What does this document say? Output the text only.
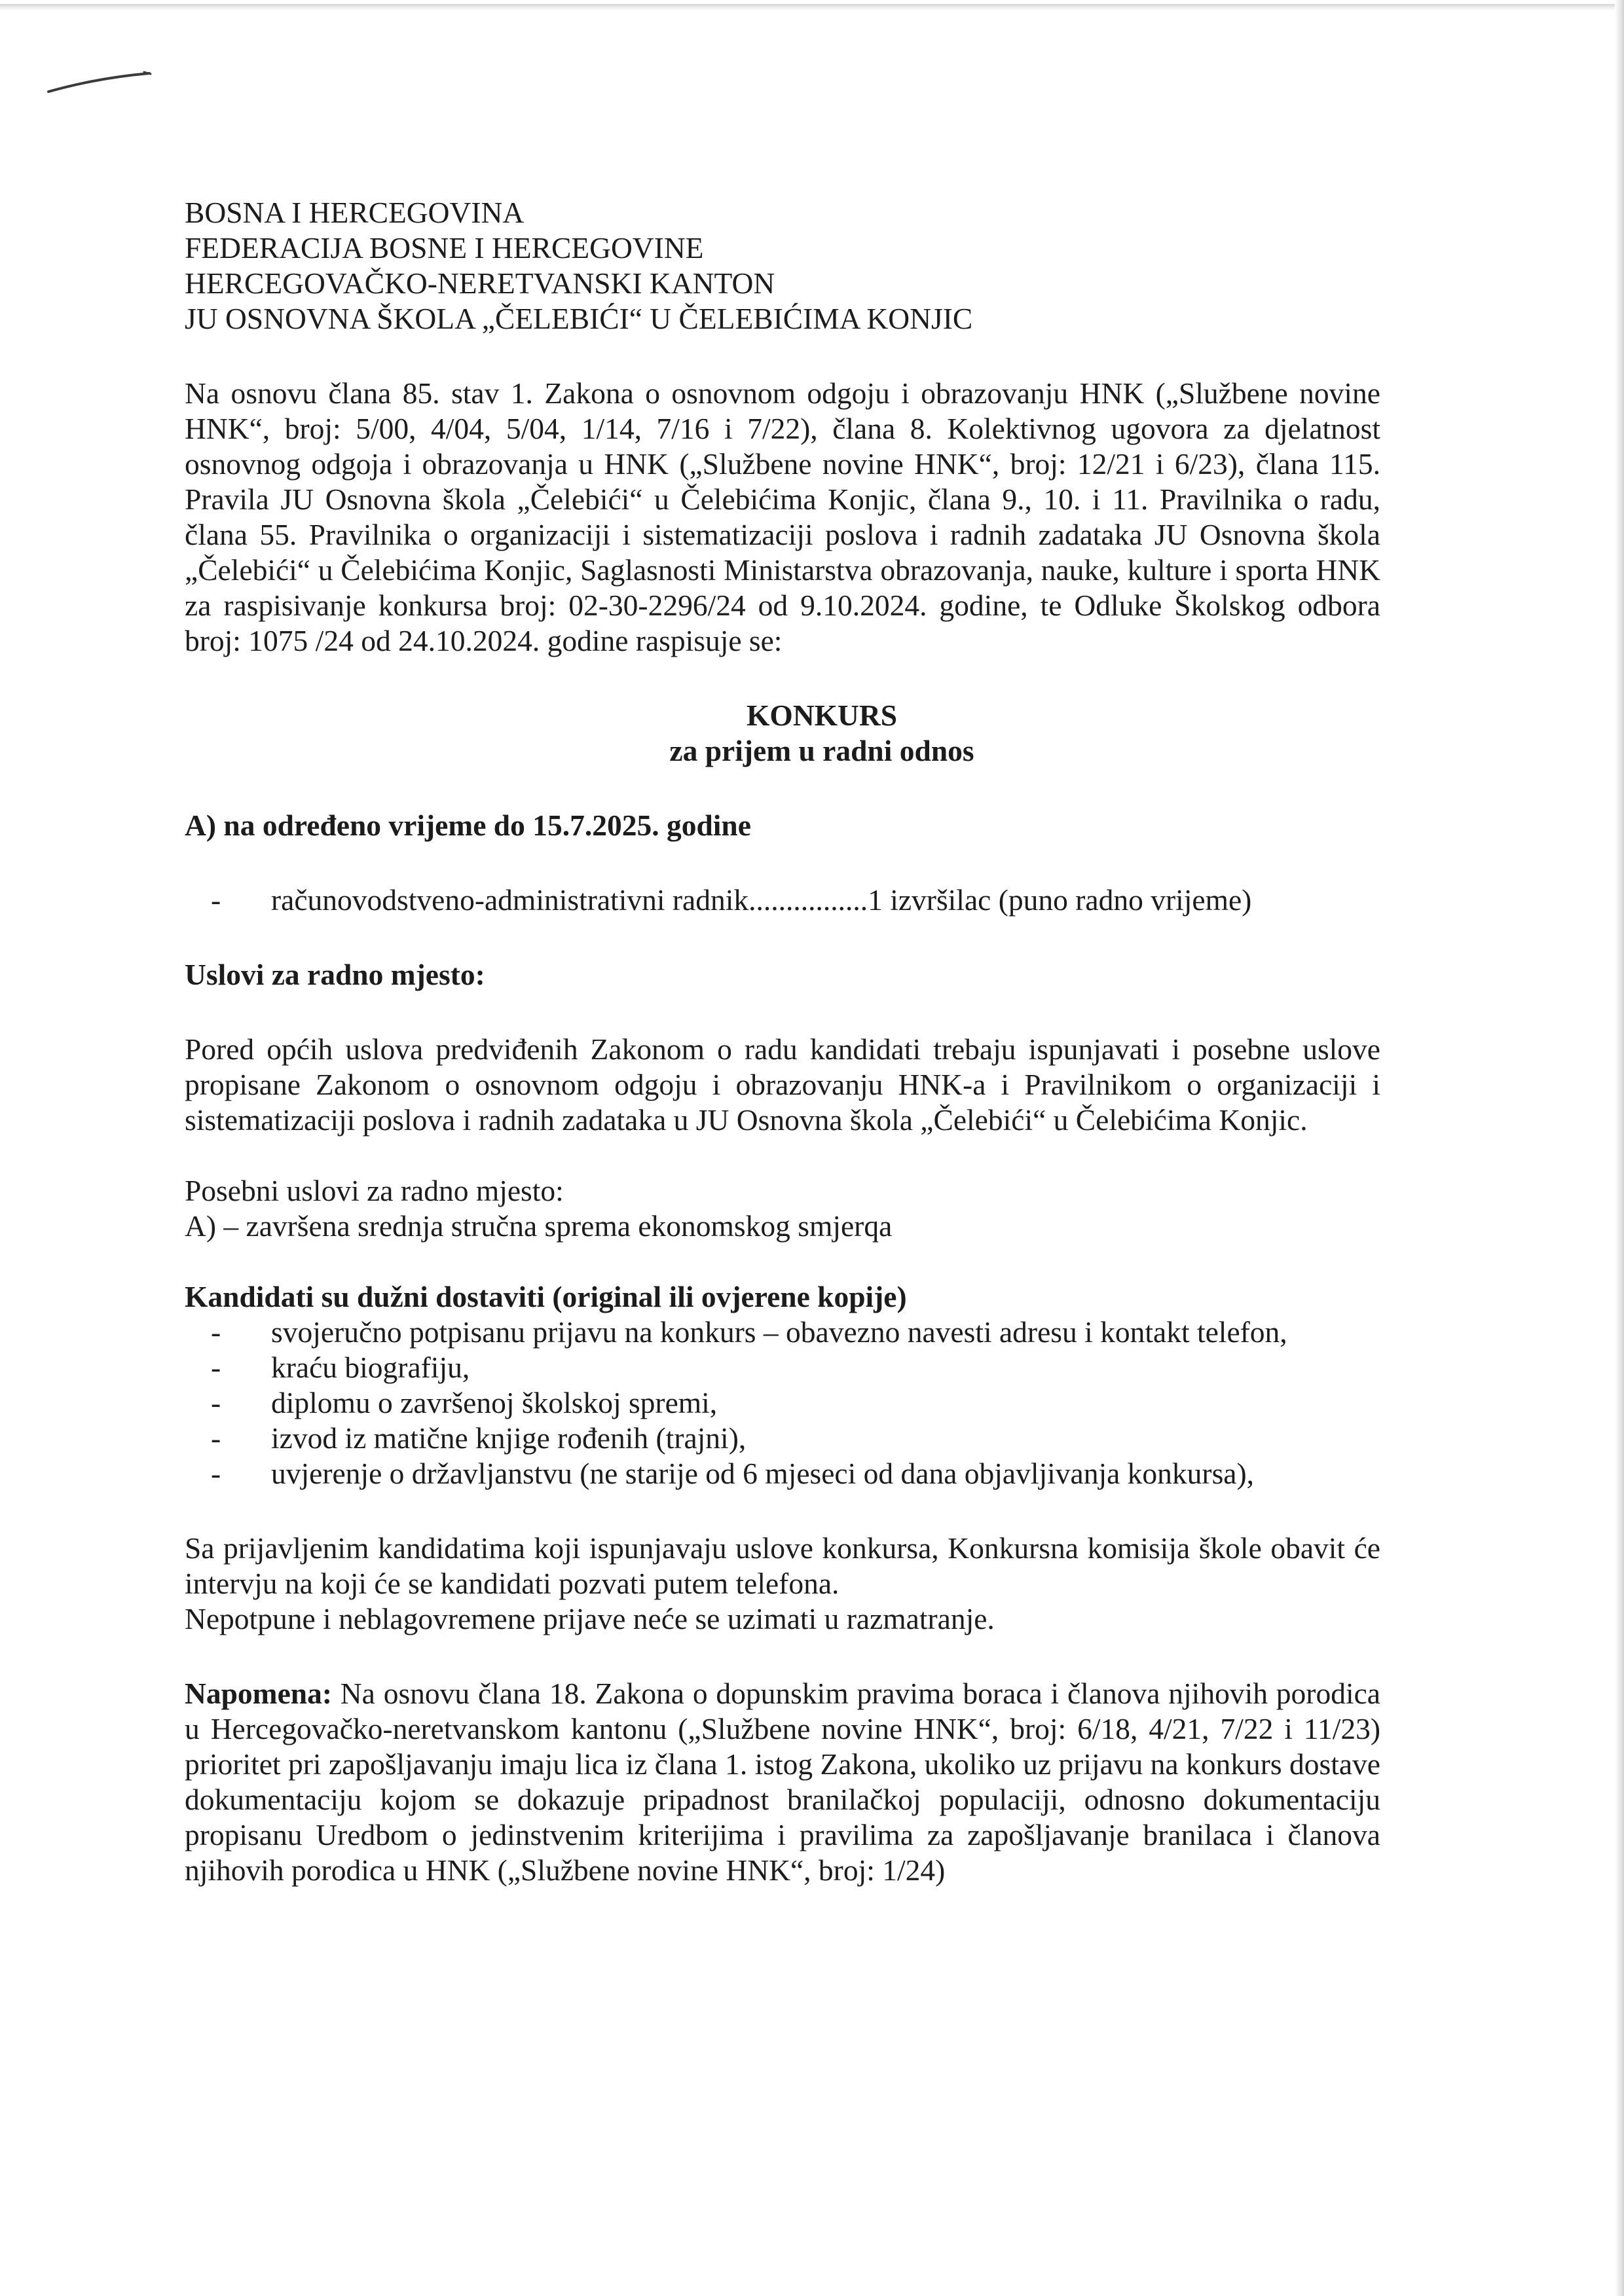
BOSNA I HERCEGOVINA

FEDERACIJA BOSNE I HERCEGOVINE

HERCEGOVAČKO-NERETVANSKI KANTON

JU OSNOVNA ŠKOLA „ČELEBIĆI“ U ČELEBIĆIMA KONJIC

Na osnovu člana 85. stav 1. Zakona o osnovnom odgoju i obrazovanju HNK („Službene novine HNK“, broj: 5/00, 4/04, 5/04, 1/14, 7/16 i 7/22), člana 8. Kolektivnog ugovora za djelatnost osnovnog odgoja i obrazovanja u HNK („Službene novine HNK“, broj: 12/21 i 6/23), člana 115. Pravila JU Osnovna škola „Čelebići“ u Čelebićima Konjic, člana 9., 10. i 11. Pravilnika o radu, člana 55. Pravilnika o organizaciji i sistematizaciji poslova i radnih zadataka JU Osnovna škola „Čelebići“ u Čelebićima Konjic, Saglasnosti Ministarstva obrazovanja, nauke, kulture i sporta HNK za raspisivanje konkursa broj: 02-30-2296/24 od 9.10.2024. godine, te Odluke Školskog odbora broj: 1075 /24 od 24.10.2024. godine raspisuje se:

KONKURS

za prijem u radni odnos

A) na određeno vrijeme do 15.7.2025. godine

- računovodstveno-administrativni radnik................1 izvršilac (puno radno vrijeme)

Uslovi za radno mjesto:

Pored općih uslova predviđenih Zakonom o radu kandidati trebaju ispunjavati i posebne uslove propisane Zakonom o osnovnom odgoju i obrazovanju HNK-a i Pravilnikom o organizaciji i sistematizaciji poslova i radnih zadataka u JU Osnovna škola „Čelebići“ u Čelebićima Konjic.

Posebni uslovi za radno mjesto:

A) – završena srednja stručna sprema ekonomskog smjerqa

Kandidati su dužni dostaviti (original ili ovjerene kopije)

- svojeručno potpisanu prijavu na konkurs – obavezno navesti adresu i kontakt telefon,
- kraću biografiju,
- diplomu o završenoj školskoj spremi,
- izvod iz matične knjige rođenih (trajni),
- uvjerenje o državljanstvu (ne starije od 6 mjeseci od dana objavljivanja konkursa),

Sa prijavljenim kandidatima koji ispunjavaju uslove konkursa, Konkursna komisija škole obavit će intervju na koji će se kandidati pozvati putem telefona.

Nepotpune i neblagovremene prijave neće se uzimati u razmatranje.

Napomena: Na osnovu člana 18. Zakona o dopunskim pravima boraca i članova njihovih porodica u Hercegovačko-neretvanskom kantonu („Službene novine HNK“, broj: 6/18, 4/21, 7/22 i 11/23) prioritet pri zapošljavanju imaju lica iz člana 1. istog Zakona, ukoliko uz prijavu na konkurs dostave dokumentaciju kojom se dokazuje pripadnost branilačkoj populaciji, odnosno dokumentaciju propisanu Uredbom o jedinstvenim kriterijima i pravilima za zapošljavanje branilaca i članova njihovih porodica u HNK („Službene novine HNK“, broj: 1/24)
